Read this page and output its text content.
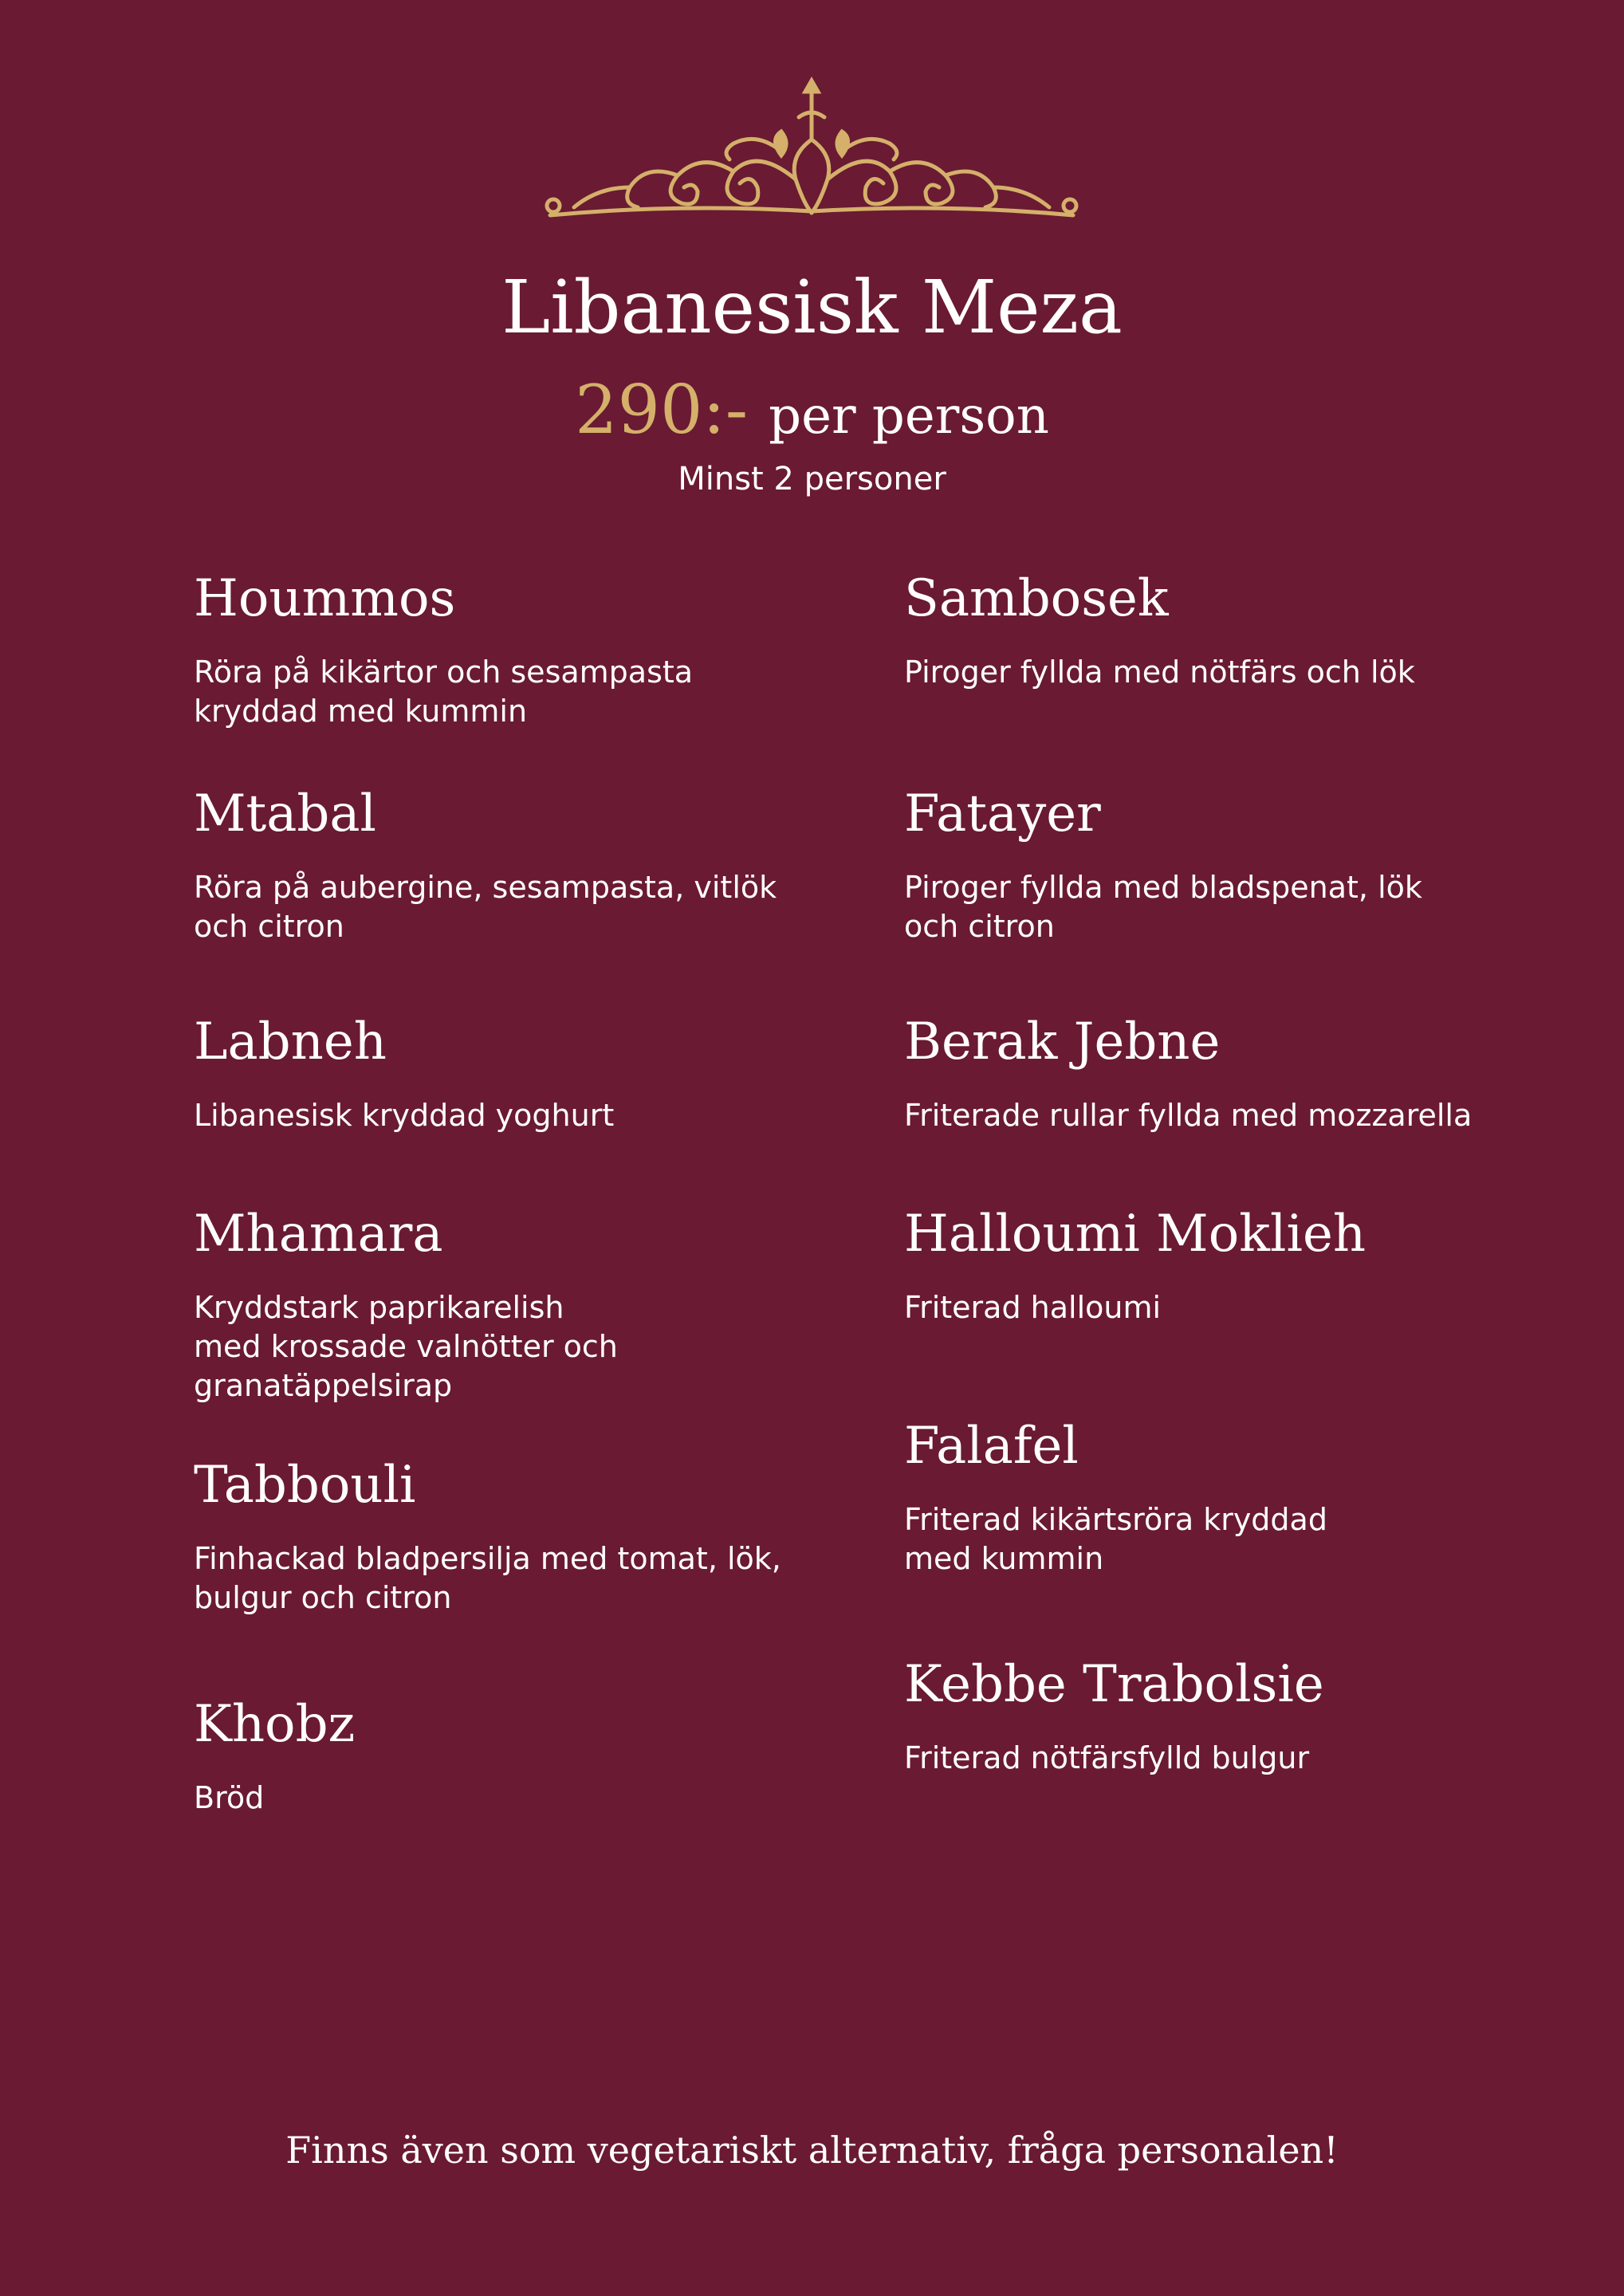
Libanesisk Meza
290:- per person
Minst 2 personer
Hoummos
Röra på kikärtor och sesampasta
kryddad med kummin
Mtabal
Röra på aubergine, sesampasta, vitlök
och citron
Labneh
Libanesisk kryddad yoghurt
Mhamara
Kryddstark paprikarelish
med krossade valnötter och
granatäppelsirap
Tabbouli
Finhackad bladpersilja med tomat, lök,
bulgur och citron
Khobz
Bröd
Sambosek
Piroger fyllda med nötfärs och lök
Fatayer
Piroger fyllda med bladspenat, lök
och citron
Berak Jebne
Friterade rullar fyllda med mozzarella
Halloumi Moklieh
Friterad halloumi
Falafel
Friterad kikärtsröra kryddad
med kummin
Kebbe Trabolsie
Friterad nötfärsfylld bulgur
Finns även som vegetariskt alternativ, fråga personalen!
